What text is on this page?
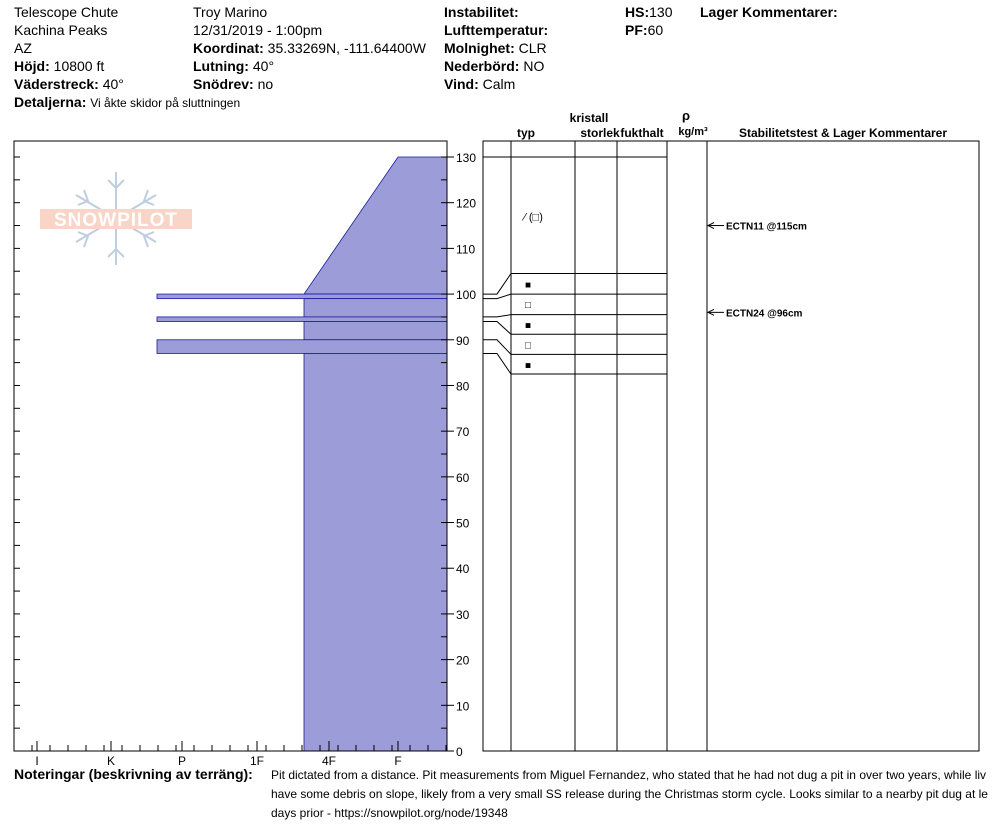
Telescope Chute
Kachina Peaks
AZ
Höjd: 10800 ft
Väderstreck: 40°
Detaljerna: Vi åkte skidor på sluttningen
Troy Marino
12/31/2019 - 1:00pm
Koordinat: 35.33269N, -111.64400W
Lutning: 40°
Snödrev: no
Instabilitet:
Lufttemperatur:
Molnighet: CLR
Nederbörd: NO
Vind: Calm
HS:130
PF:60
Lager Kommentarer:
SNOWPILOT
0
10
20
30
40
50
60
70
80
90
100
110
120
130
I	K	P	1F	4F	F
⁄ (□)
■
□
■
□
■
ECTN11 @115cm
ECTN24 @96cm
kristall
typ	storlek fukthalt
ρ
kg/m³	Stabilitetstest & Lager Kommentarer
Noteringar (beskrivning av terräng): Pit dictated from a distance. Pit measurements from Miguel Fernandez, who stated that he had not dug a pit in over two years, while liv
have some debris on slope, likely from a very small SS release during the Christmas storm cycle. Looks similar to a nearby pit dug at le
days prior - https://snowpilot.org/node/19348
